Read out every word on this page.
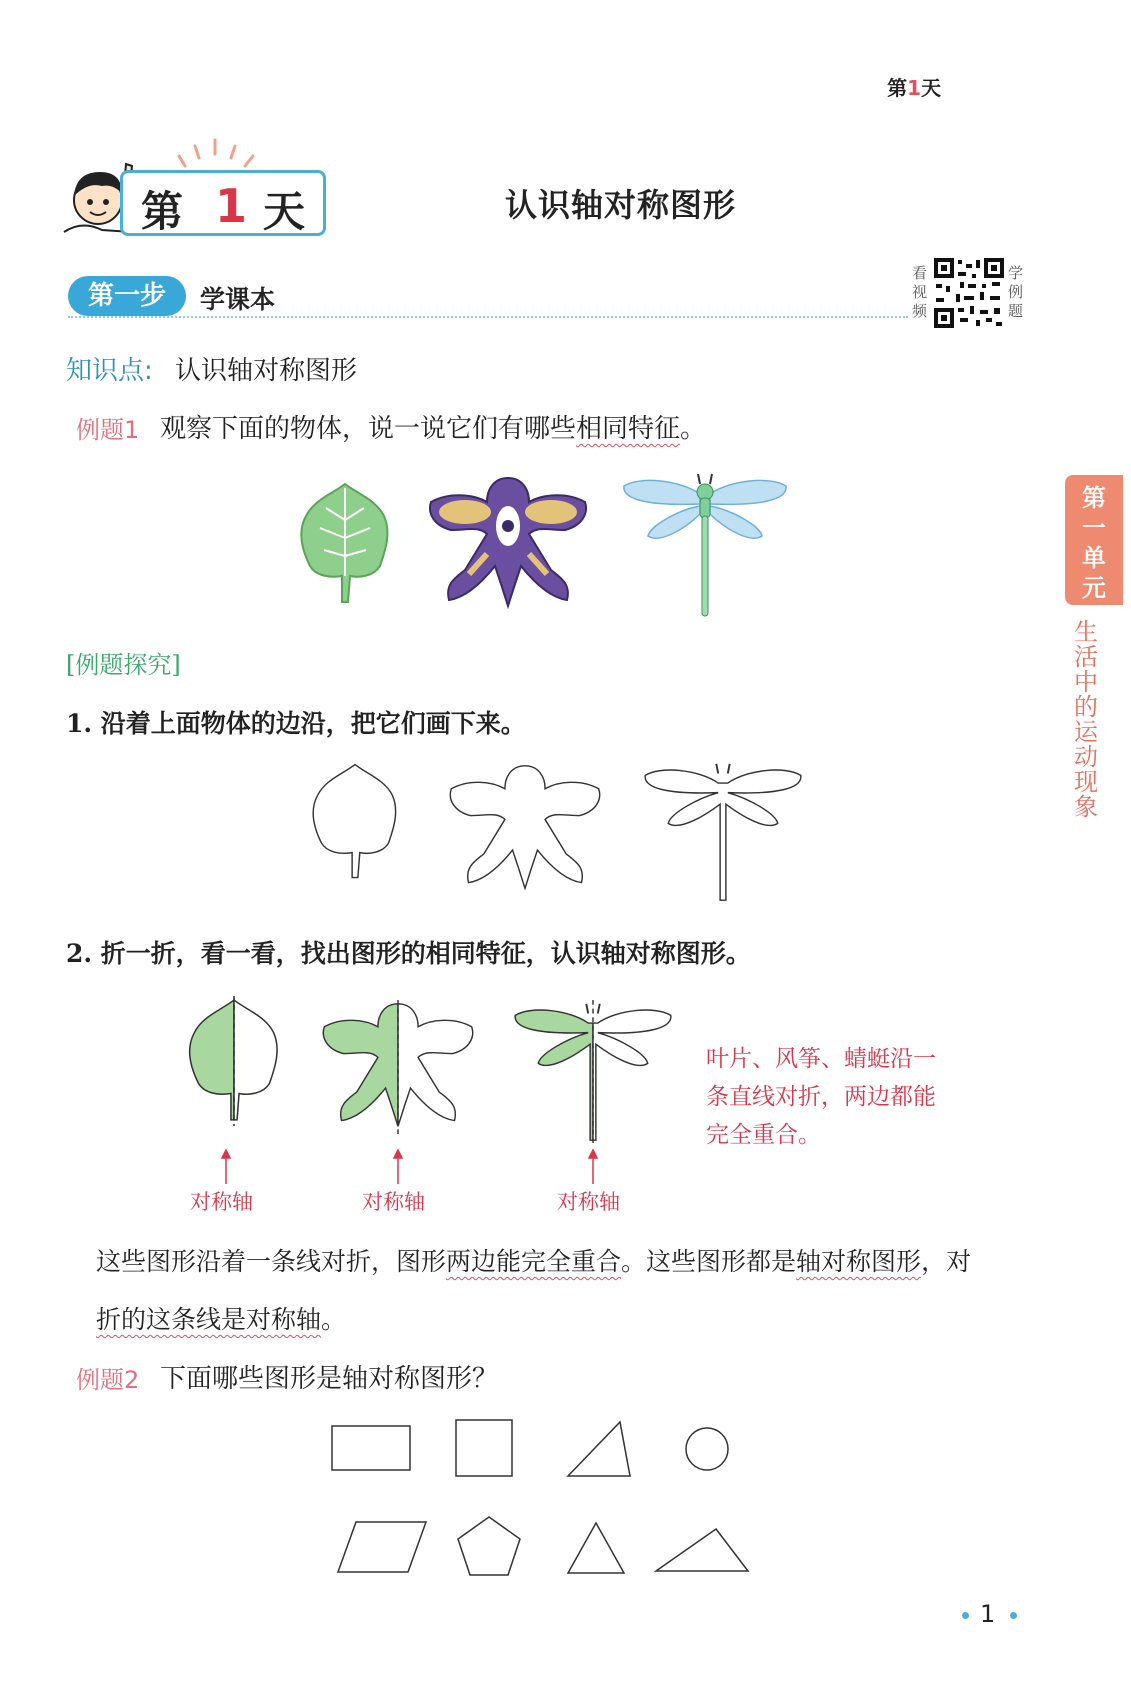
第1天
第 1 天	认识轴对称图形
第一步	学课本
看视频
学例题
知识点: 认识轴对称图形
例题1 观察下面的物体，说一说它们有哪些相同特征。
[例题探究]
1. 沿着上面物体的边沿，把它们画下来。
2. 折一折，看一看，找出图形的相同特征，认识轴对称图形。
对称轴	对称轴	对称轴
叶片、风筝、蜻蜓沿一条直线对折，两边都能完全重合。
这些图形沿着一条线对折，图形两边能完全重合。这些图形都是轴对称图形，对
折的这条线是对称轴。
例题2 下面哪些图形是轴对称图形？
第一单元
生活中的运动现象
1
